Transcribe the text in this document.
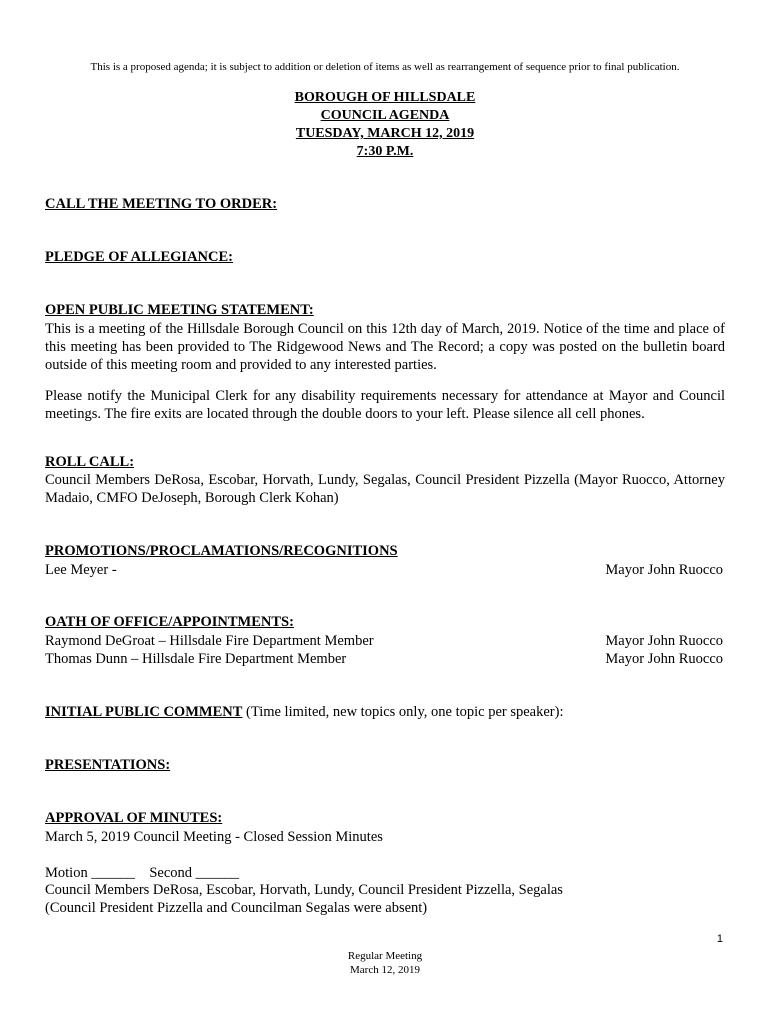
This is a proposed agenda; it is subject to addition or deletion of items as well as rearrangement of sequence prior to final publication.
BOROUGH OF HILLSDALE
COUNCIL AGENDA
TUESDAY, MARCH 12, 2019
7:30 P.M.
CALL THE MEETING TO ORDER:
PLEDGE OF ALLEGIANCE:
OPEN PUBLIC MEETING STATEMENT:
This is a meeting of the Hillsdale Borough Council on this 12th day of March, 2019. Notice of the time and place of this meeting has been provided to The Ridgewood News and The Record; a copy was posted on the bulletin board outside of this meeting room and provided to any interested parties.
Please notify the Municipal Clerk for any disability requirements necessary for attendance at Mayor and Council meetings. The fire exits are located through the double doors to your left. Please silence all cell phones.
ROLL CALL:
Council Members DeRosa, Escobar, Horvath, Lundy, Segalas, Council President Pizzella (Mayor Ruocco, Attorney Madaio, CMFO DeJoseph, Borough Clerk Kohan)
PROMOTIONS/PROCLAMATIONS/RECOGNITIONS
Lee Meyer -	Mayor John Ruocco
OATH OF OFFICE/APPOINTMENTS:
Raymond DeGroat – Hillsdale Fire Department Member	Mayor John Ruocco
Thomas Dunn – Hillsdale Fire Department Member	Mayor John Ruocco
INITIAL PUBLIC COMMENT (Time limited, new topics only, one topic per speaker):
PRESENTATIONS:
APPROVAL OF MINUTES:
March 5, 2019 Council Meeting - Closed Session Minutes
Motion ______    Second ______
Council Members DeRosa, Escobar, Horvath, Lundy, Council President Pizzella, Segalas
(Council President Pizzella and Councilman Segalas were absent)
1
Regular Meeting
March 12, 2019
